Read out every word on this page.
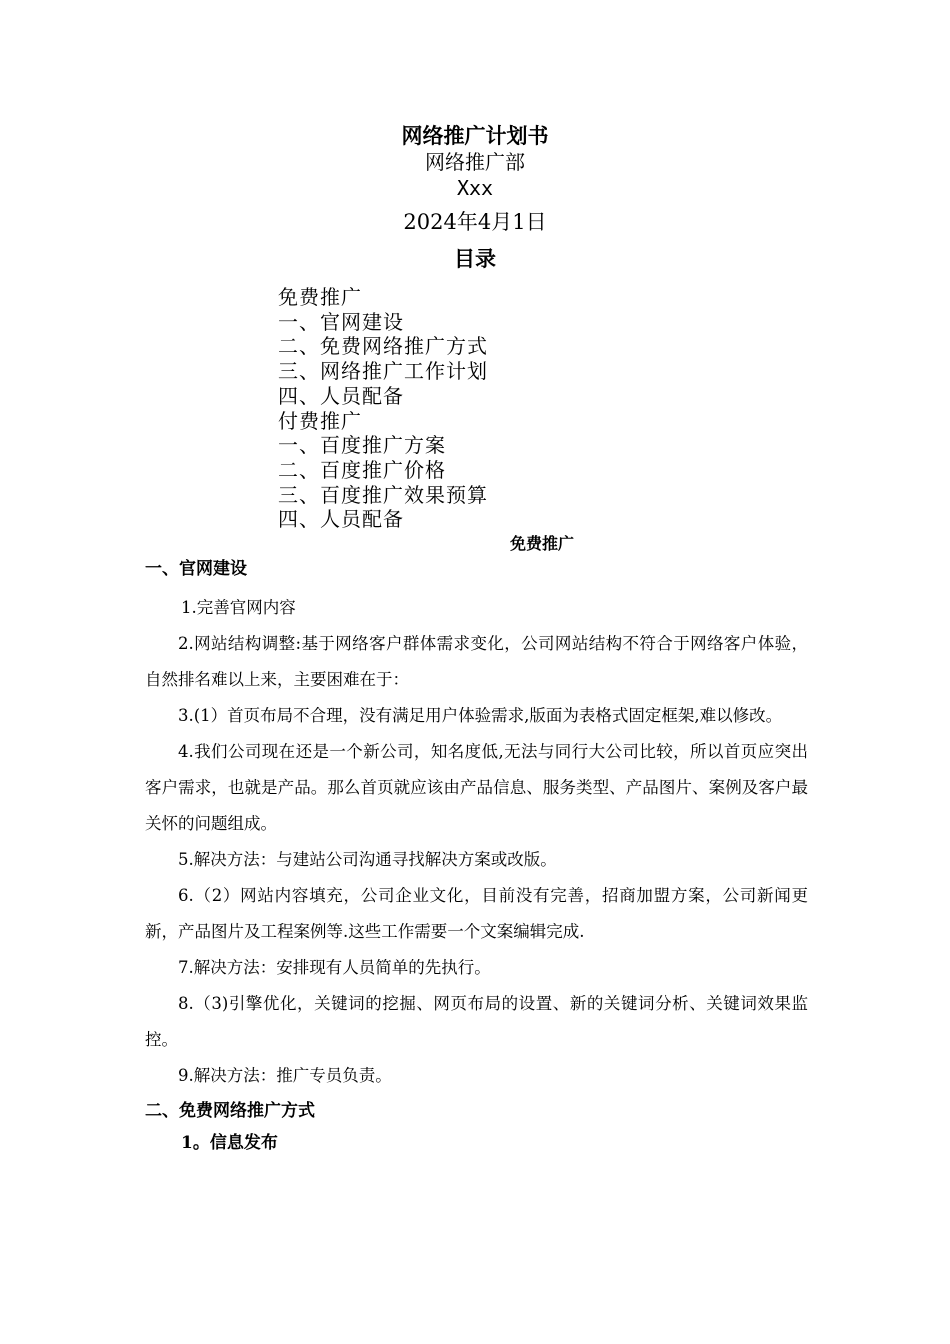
网络推广计划书
网络推广部
Xxx
2024年4月1日
目录
免费推广
一、官网建设
二、免费网络推广方式
三、网络推广工作计划
四、人员配备
付费推广
一、百度推广方案
二、百度推广价格
三、百度推广效果预算
四、人员配备
免费推广
一、官网建设

1.完善官网内容

2.网站结构调整:基于网络客户群体需求变化，公司网站结构不符合于网络客户体验，自然排名难以上来，主要困难在于：

3.(1）首页布局不合理，没有满足用户体验需求,版面为表格式固定框架,难以修改。

4.我们公司现在还是一个新公司，知名度低,无法与同行大公司比较，所以首页应突出客户需求，也就是产品。那么首页就应该由产品信息、服务类型、产品图片、案例及客户最关怀的问题组成。

5.解决方法：与建站公司沟通寻找解决方案或改版。

6.（2）网站内容填充，公司企业文化，目前没有完善，招商加盟方案，公司新闻更新，产品图片及工程案例等.这些工作需要一个文案编辑完成.

7.解决方法：安排现有人员简单的先执行。

8.（3)引擎优化，关键词的挖掘、网页布局的设置、新的关键词分析、关键词效果监控。

9.解决方法：推广专员负责。

二、免费网络推广方式
1。信息发布
